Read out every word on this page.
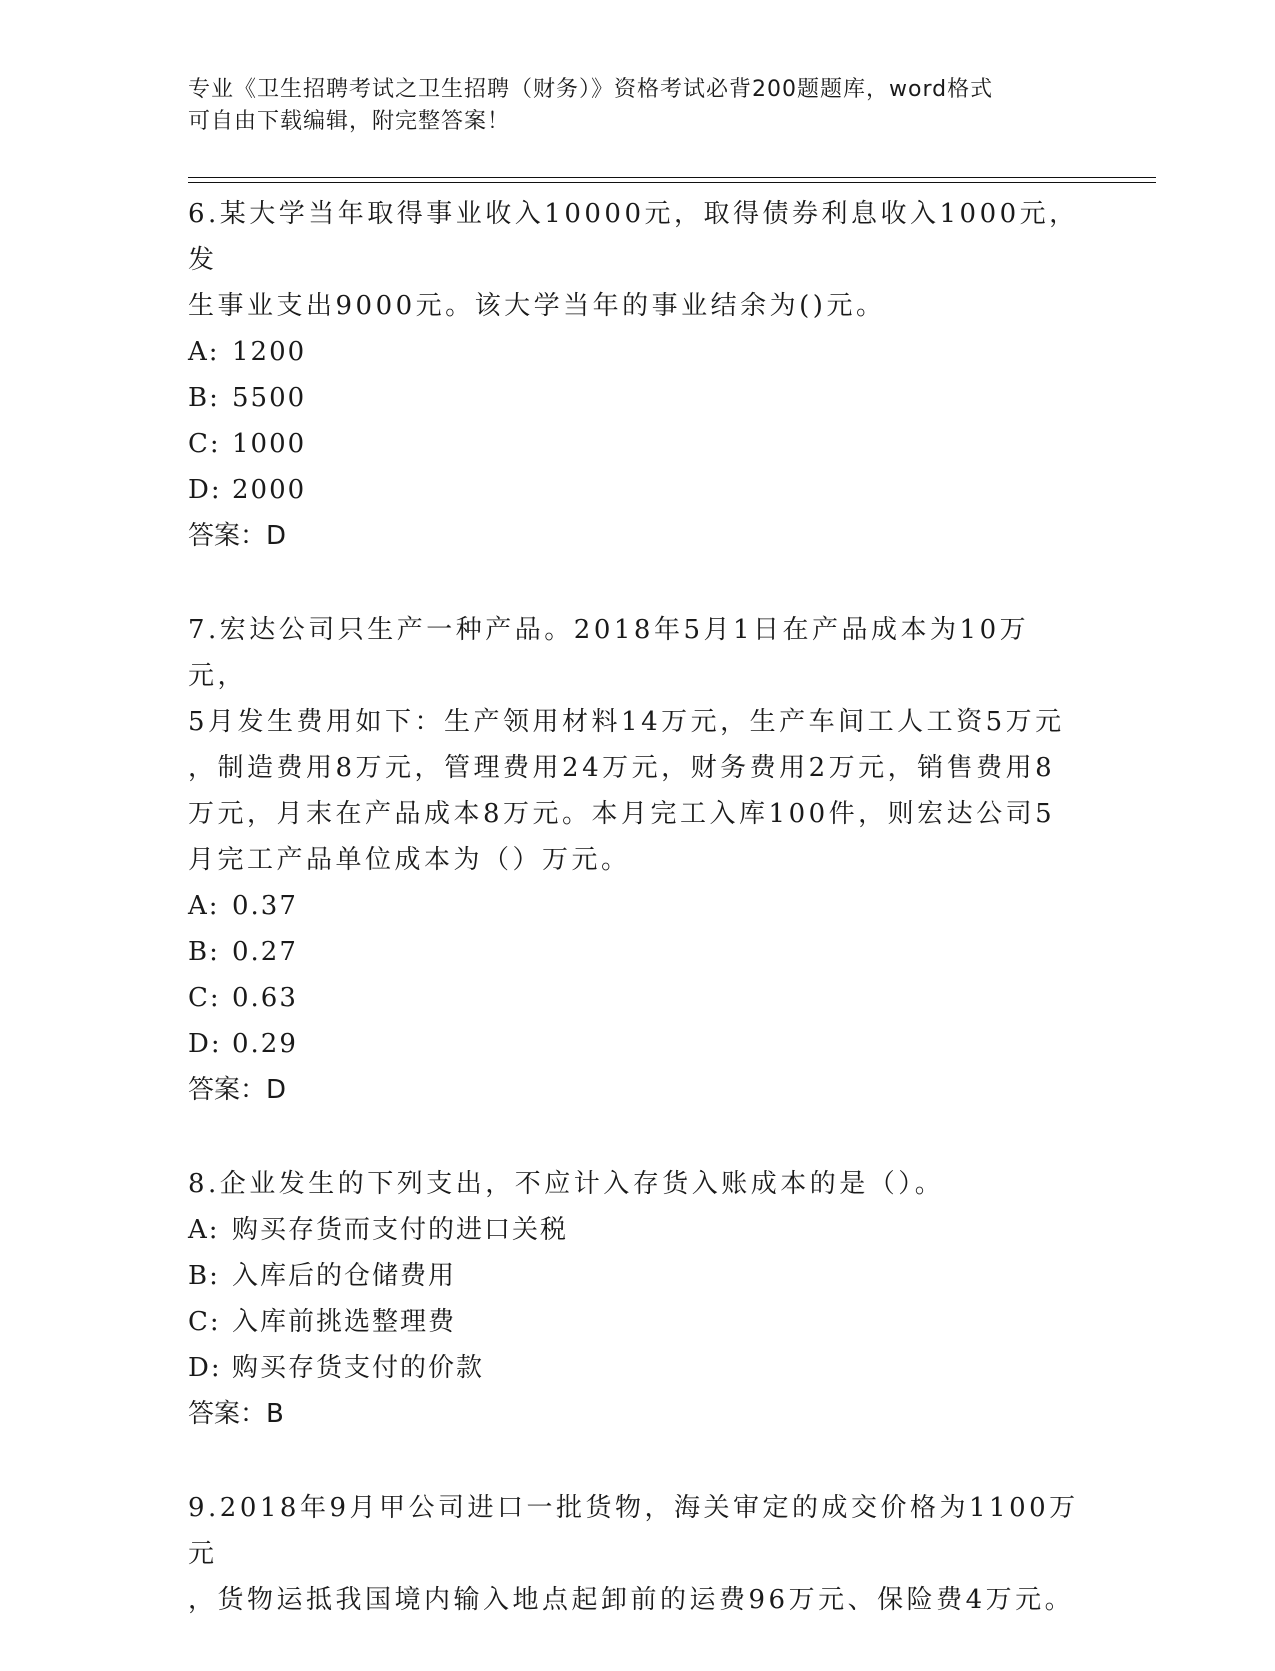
专业《卫生招聘考试之卫生招聘（财务）》资格考试必背200题题库，word格式
可自由下载编辑，附完整答案！

6.某大学当年取得事业收入10000元，取得债券利息收入1000元，发

生事业支出9000元。该大学当年的事业结余为()元。

A: 1200

B: 5500

C: 1000

D: 2000

答案：D

7.宏达公司只生产一种产品。2018年5月1日在产品成本为10万元，

5月发生费用如下：生产领用材料14万元，生产车间工人工资5万元

，制造费用8万元，管理费用24万元，财务费用2万元，销售费用8

万元，月末在产品成本8万元。本月完工入库100件，则宏达公司5

月完工产品单位成本为（）万元。

A: 0.37

B: 0.27

C: 0.63

D: 0.29

答案：D

8.企业发生的下列支出，不应计入存货入账成本的是（）。

A: 购买存货而支付的进口关税

B: 入库后的仓储费用

C: 入库前挑选整理费

D: 购买存货支付的价款

答案：B

9.2018年9月甲公司进口一批货物，海关审定的成交价格为1100万元

，货物运抵我国境内输入地点起卸前的运费96万元、保险费4万元。
